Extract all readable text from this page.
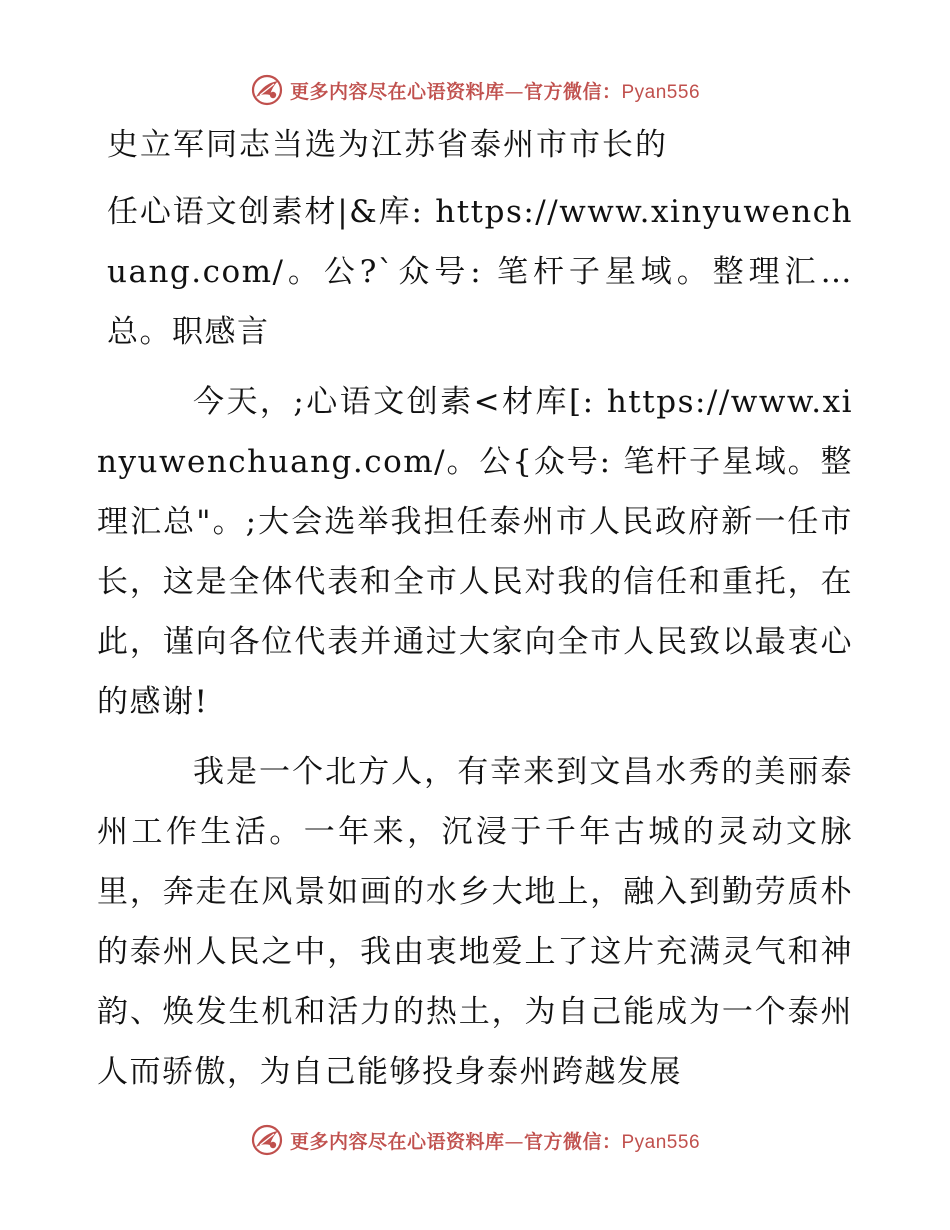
更多内容尽在心语资料库—官方微信：Pyan556
史立军同志当选为江苏省泰州市市长的

任心语文创素材|&库: https://www.xinyuwenchuang.com/。公?`众号: 笔杆子星域。整理汇…总。职感言

今天，;心语文创素<材库[: https://www.xinyuwenchuang.com/。公{众号: 笔杆子星域。整理汇总"。;大会选举我担任泰州市人民政府新一任市长，这是全体代表和全市人民对我的信任和重托，在此，谨向各位代表并通过大家向全市人民致以最衷心的感谢!

我是一个北方人，有幸来到文昌水秀的美丽泰州工作生活。一年来，沉浸于千年古城的灵动文脉里，奔走在风景如画的水乡大地上，融入到勤劳质朴的泰州人民之中，我由衷地爱上了这片充满灵气和神韵、焕发生机和活力的热土，为自己能成为一个泰州人而骄傲，为自己能够投身泰州跨越发展

更多内容尽在心语资料库—官方微信：Pyan556
